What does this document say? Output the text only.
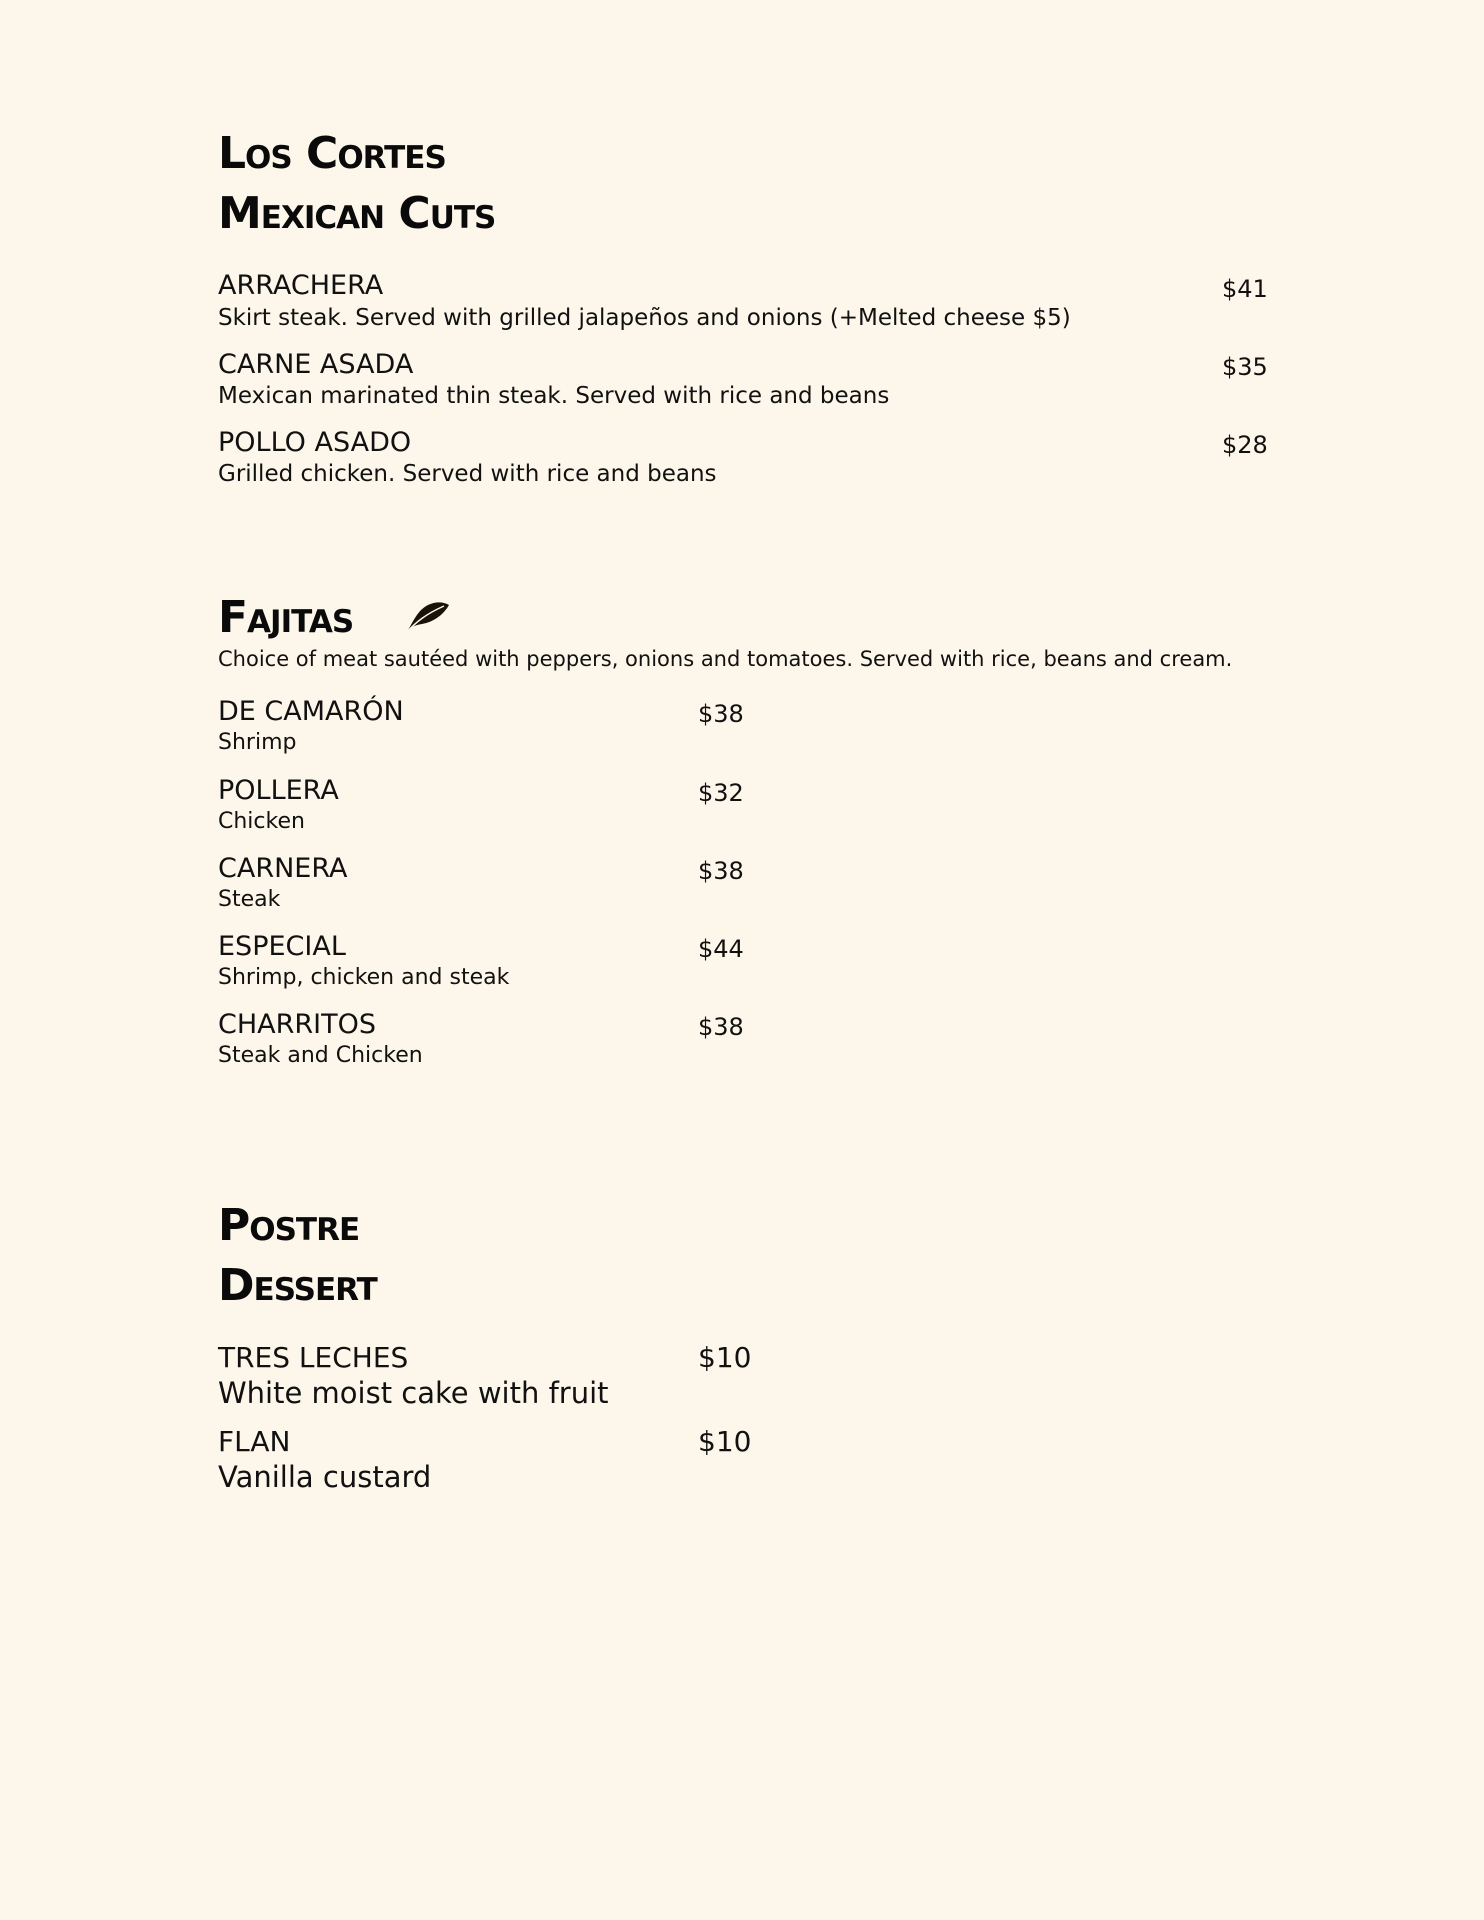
Los Cortes
Mexican Cuts
ARRACHERA	$41
Skirt steak. Served with grilled jalapeños and onions (+Melted cheese $5)
CARNE ASADA	$35
Mexican marinated thin steak. Served with rice and beans
POLLO ASADO	$28
Grilled chicken. Served with rice and beans
Fajitas
Choice of meat sautéed with peppers, onions and tomatoes. Served with rice, beans and cream.
DE CAMARÓN	$38
Shrimp
POLLERA	$32
Chicken
CARNERA	$38
Steak
ESPECIAL	$44
Shrimp, chicken and steak
CHARRITOS	$38
Steak and Chicken
Postre
Dessert
TRES LECHES	$10
White moist cake with fruit
FLAN	$10
Vanilla custard
